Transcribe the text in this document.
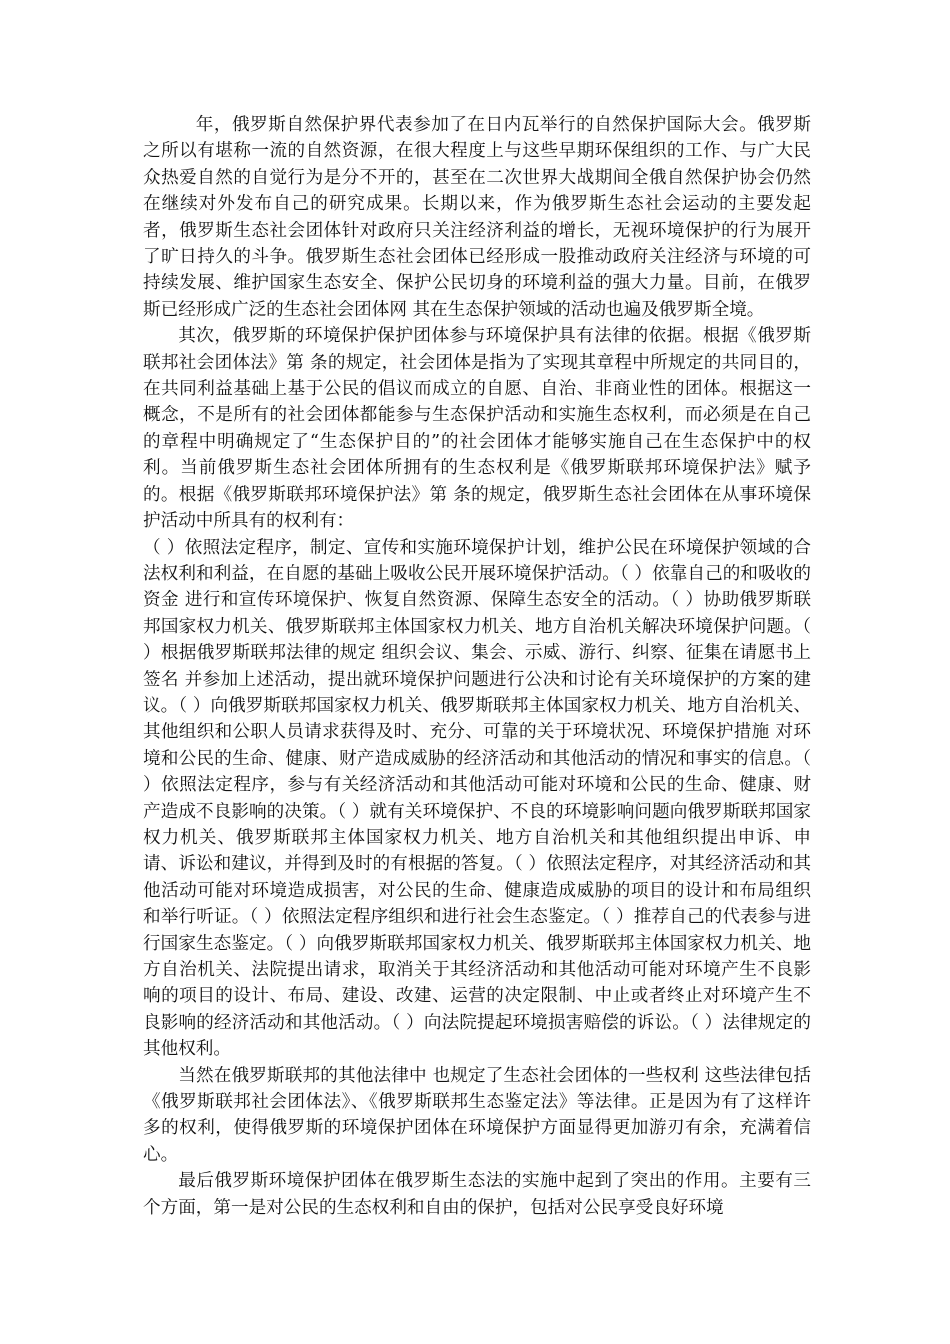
年，俄罗斯自然保护界代表参加了在日内瓦举行的自然保护国际大会。俄罗斯之所以有堪称一流的自然资源，在很大程度上与这些早期环保组织的工作、与广大民众热爱自然的自觉行为是分不开的，甚至在二次世界大战期间全俄自然保护协会仍然在继续对外发布自己的研究成果。长期以来，作为俄罗斯生态社会运动的主要发起者，俄罗斯生态社会团体针对政府只关注经济利益的增长，无视环境保护的行为展开了旷日持久的斗争。俄罗斯生态社会团体已经形成一股推动政府关注经济与环境的可持续发展、维护国家生态安全、保护公民切身的环境利益的强大力量。目前，在俄罗斯已经形成广泛的生态社会团体网 其在生态保护领域的活动也遍及俄罗斯全境。

其次，俄罗斯的环境保护保护团体参与环境保护具有法律的依据。根据《俄罗斯联邦社会团体法》第 条的规定，社会团体是指为了实现其章程中所规定的共同目的，在共同利益基础上基于公民的倡议而成立的自愿、自治、非商业性的团体。根据这一概念，不是所有的社会团体都能参与生态保护活动和实施生态权利，而必须是在自己的章程中明确规定了“生态保护目的”的社会团体才能够实施自己在生态保护中的权利。当前俄罗斯生态社会团体所拥有的生态权利是《俄罗斯联邦环境保护法》赋予的。根据《俄罗斯联邦环境保护法》第 条的规定，俄罗斯生态社会团体在从事环境保护活动中所具有的权利有：

（ ）依照法定程序，制定、宣传和实施环境保护计划，维护公民在环境保护领域的合法权利和利益，在自愿的基础上吸收公民开展环境保护活动。（ ）依靠自己的和吸收的资金 进行和宣传环境保护、恢复自然资源、保障生态安全的活动。（ ）协助俄罗斯联邦国家权力机关、俄罗斯联邦主体国家权力机关、地方自治机关解决环境保护问题。（ ）根据俄罗斯联邦法律的规定 组织会议、集会、示威、游行、纠察、征集在请愿书上签名 并参加上述活动，提出就环境保护问题进行公决和讨论有关环境保护的方案的建议。（ ）向俄罗斯联邦国家权力机关、俄罗斯联邦主体国家权力机关、地方自治机关、其他组织和公职人员请求获得及时、充分、可靠的关于环境状况、环境保护措施 对环境和公民的生命、健康、财产造成威胁的经济活动和其他活动的情况和事实的信息。（ ）依照法定程序，参与有关经济活动和其他活动可能对环境和公民的生命、健康、财产造成不良影响的决策。（ ）就有关环境保护、不良的环境影响问题向俄罗斯联邦国家权力机关、俄罗斯联邦主体国家权力机关、地方自治机关和其他组织提出申诉、申请、诉讼和建议，并得到及时的有根据的答复。（ ）依照法定程序，对其经济活动和其他活动可能对环境造成损害，对公民的生命、健康造成威胁的项目的设计和布局组织和举行听证。（ ）依照法定程序组织和进行社会生态鉴定。（ ）推荐自己的代表参与进行国家生态鉴定。（ ）向俄罗斯联邦国家权力机关、俄罗斯联邦主体国家权力机关、地方自治机关、法院提出请求，取消关于其经济活动和其他活动可能对环境产生不良影响的项目的设计、布局、建设、改建、运营的决定限制、中止或者终止对环境产生不良影响的经济活动和其他活动。（ ）向法院提起环境损害赔偿的诉讼。（ ）法律规定的其他权利。

当然在俄罗斯联邦的其他法律中 也规定了生态社会团体的一些权利 这些法律包括《俄罗斯联邦社会团体法》、《俄罗斯联邦生态鉴定法》等法律。正是因为有了这样许多的权利，使得俄罗斯的环境保护团体在环境保护方面显得更加游刃有余，充满着信心。

最后俄罗斯环境保护团体在俄罗斯生态法的实施中起到了突出的作用。主要有三个方面，第一是对公民的生态权利和自由的保护，包括对公民享受良好环境
